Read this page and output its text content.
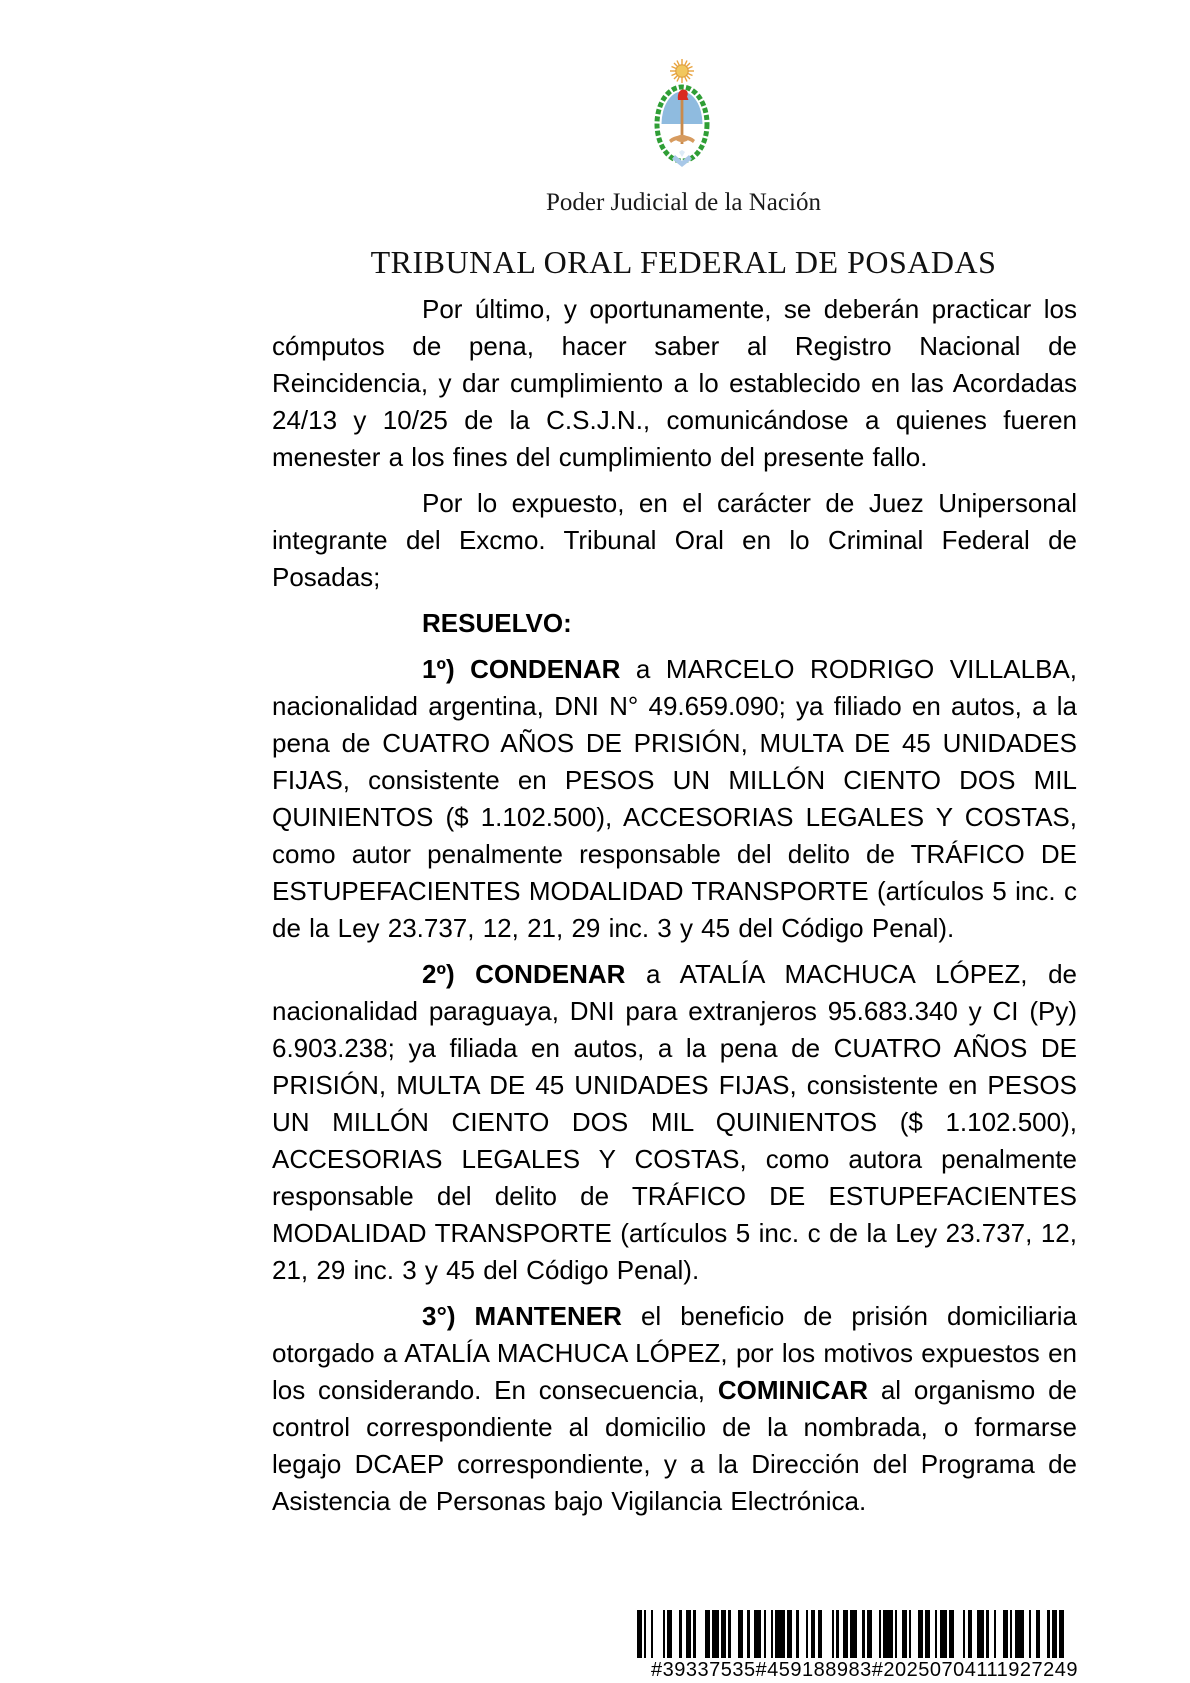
Poder Judicial de la Nación
TRIBUNAL ORAL FEDERAL DE POSADAS

Por último, y oportunamente, se deberán practicar los cómputos de pena, hacer saber al Registro Nacional de Reincidencia, y dar cumplimiento a lo establecido en las Acordadas 24/13 y 10/25 de la C.S.J.N., comunicándose a quienes fueren menester a los fines del cumplimiento del presente fallo.

Por lo expuesto, en el carácter de Juez Unipersonal integrante del Excmo. Tribunal Oral en lo Criminal Federal de Posadas;

RESUELVO:

1º) CONDENAR a MARCELO RODRIGO VILLALBA, nacionalidad argentina, DNI N° 49.659.090; ya filiado en autos, a la pena de CUATRO AÑOS DE PRISIÓN, MULTA DE 45 UNIDADES FIJAS, consistente en PESOS UN MILLÓN CIENTO DOS MIL QUINIENTOS ($ 1.102.500), ACCESORIAS LEGALES Y COSTAS, como autor penalmente responsable del delito de TRÁFICO DE ESTUPEFACIENTES MODALIDAD TRANSPORTE (artículos 5 inc. c de la Ley 23.737, 12, 21, 29 inc. 3 y 45 del Código Penal).

2º) CONDENAR a ATALÍA MACHUCA LÓPEZ, de nacionalidad paraguaya, DNI para extranjeros 95.683.340 y CI (Py) 6.903.238; ya filiada en autos, a la pena de CUATRO AÑOS DE PRISIÓN, MULTA DE 45 UNIDADES FIJAS, consistente en PESOS UN MILLÓN CIENTO DOS MIL QUINIENTOS ($ 1.102.500), ACCESORIAS LEGALES Y COSTAS, como autora penalmente responsable del delito de TRÁFICO DE ESTUPEFACIENTES MODALIDAD TRANSPORTE (artículos 5 inc. c de la Ley 23.737, 12, 21, 29 inc. 3 y 45 del Código Penal).

3°) MANTENER el beneficio de prisión domiciliaria otorgado a ATALÍA MACHUCA LÓPEZ, por los motivos expuestos en los considerando. En consecuencia, COMINICAR al organismo de control correspondiente al domicilio de la nombrada, o formarse legajo DCAEP correspondiente, y a la Dirección del Programa de Asistencia de Personas bajo Vigilancia Electrónica.

#39337535#459188983#20250704111927249
